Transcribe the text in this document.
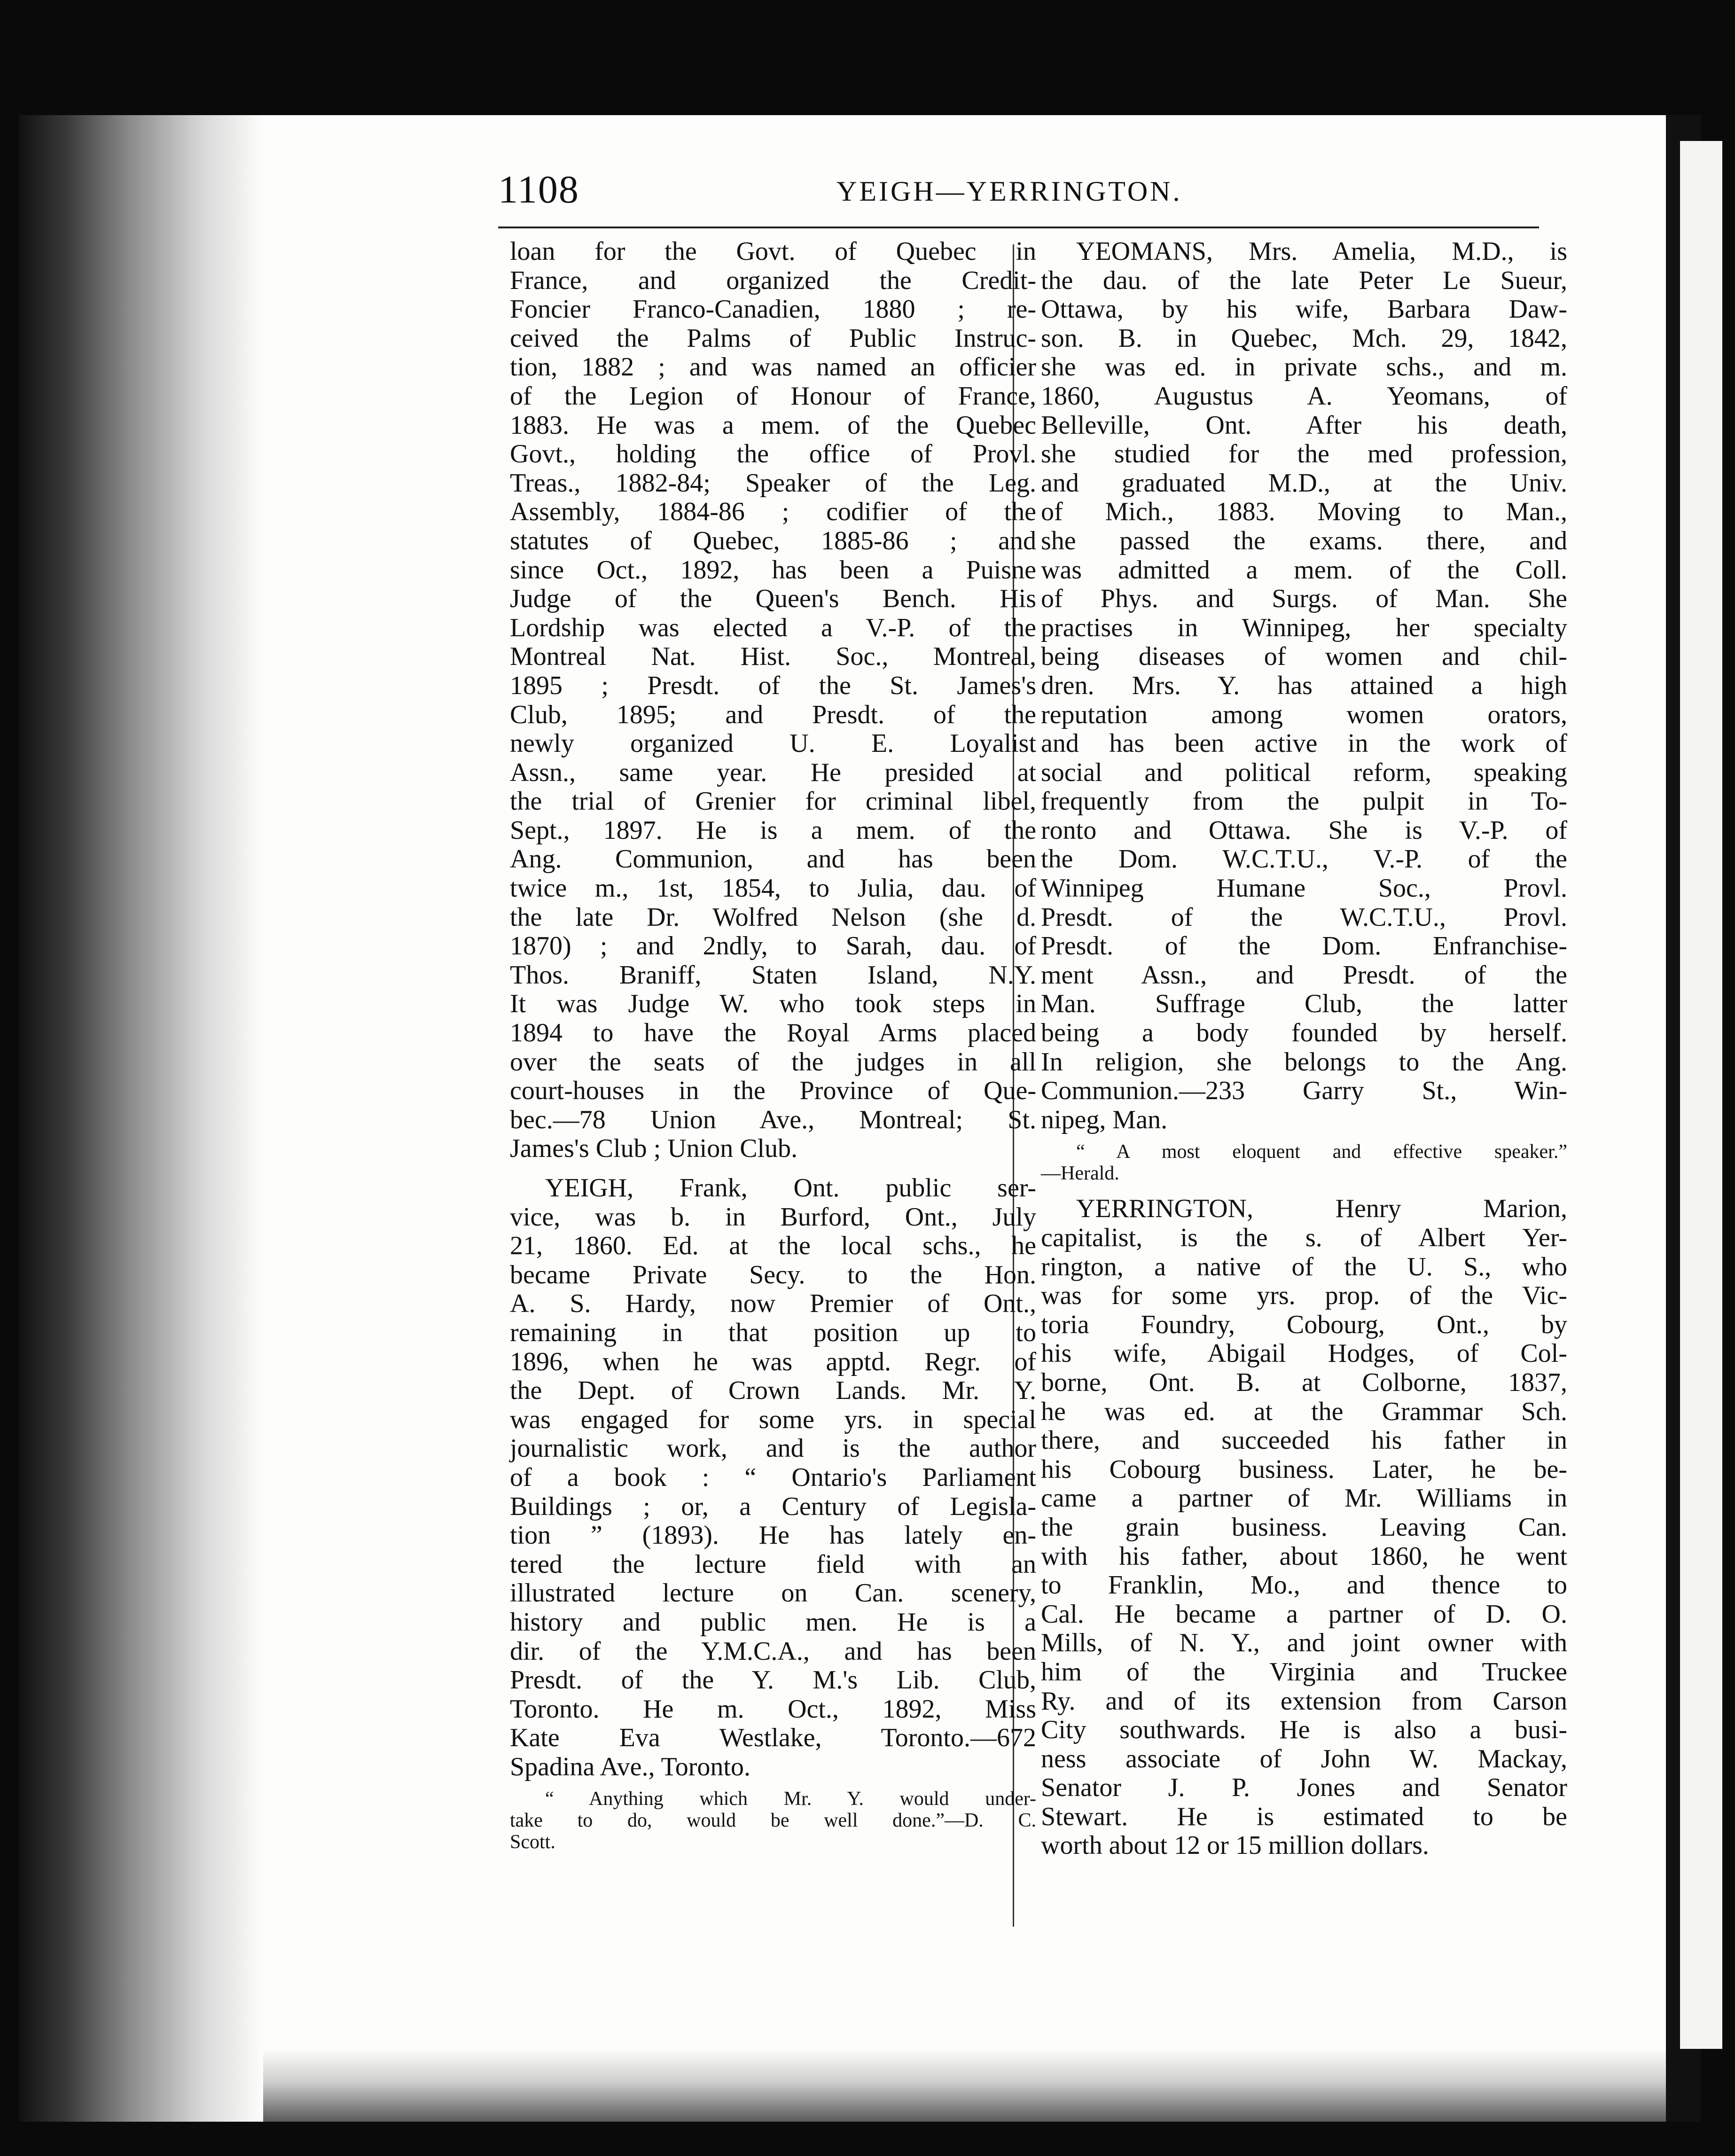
1108	YEIGH—YERRINGTON.
loan for the Govt. of Quebec in
France, and organized the Credit-
Foncier Franco-Canadien, 1880 ; re-
ceived the Palms of Public Instruc-
tion, 1882 ; and was named an officier
of the Legion of Honour of France,
1883. He was a mem. of the Quebec
Govt., holding the office of Provl.
Treas., 1882-84; Speaker of the Leg.
Assembly, 1884-86 ; codifier of the
statutes of Quebec, 1885-86 ; and
since Oct., 1892, has been a Puisne
Judge of the Queen's Bench. His
Lordship was elected a V.-P. of the
Montreal Nat. Hist. Soc., Montreal,
1895 ; Presdt. of the St. James's
Club, 1895; and Presdt. of the
newly organized U. E. Loyalist
Assn., same year. He presided at
the trial of Grenier for criminal libel,
Sept., 1897. He is a mem. of the
Ang. Communion, and has been
twice m., 1st, 1854, to Julia, dau. of
the late Dr. Wolfred Nelson (she d.
1870) ; and 2ndly, to Sarah, dau. of
Thos. Braniff, Staten Island, N.Y.
It was Judge W. who took steps in
1894 to have the Royal Arms placed
over the seats of the judges in all
court-houses in the Province of Que-
bec.—78 Union Ave., Montreal; St.
James's Club ; Union Club.
YEIGH, Frank, Ont. public ser-
vice, was b. in Burford, Ont., July
21, 1860. Ed. at the local schs., he
became Private Secy. to the Hon.
A. S. Hardy, now Premier of Ont.,
remaining in that position up to
1896, when he was apptd. Regr. of
the Dept. of Crown Lands. Mr. Y.
was engaged for some yrs. in special
journalistic work, and is the author
of a book : “ Ontario's Parliament
Buildings ; or, a Century of Legisla-
tion ” (1893). He has lately en-
tered the lecture field with an
illustrated lecture on Can. scenery,
history and public men. He is a
dir. of the Y.M.C.A., and has been
Presdt. of the Y. M.'s Lib. Club,
Toronto. He m. Oct., 1892, Miss
Kate Eva Westlake, Toronto.—672
Spadina Ave., Toronto.
“ Anything which Mr. Y. would under-
take to do, would be well done.”—D. C.
Scott.
YEOMANS, Mrs. Amelia, M.D., is
the dau. of the late Peter Le Sueur,
Ottawa, by his wife, Barbara Daw-
son. B. in Quebec, Mch. 29, 1842,
she was ed. in private schs., and m.
1860, Augustus A. Yeomans, of
Belleville, Ont. After his death,
she studied for the med profession,
and graduated M.D., at the Univ.
of Mich., 1883. Moving to Man.,
she passed the exams. there, and
was admitted a mem. of the Coll.
of Phys. and Surgs. of Man. She
practises in Winnipeg, her specialty
being diseases of women and chil-
dren. Mrs. Y. has attained a high
reputation among women orators,
and has been active in the work of
social and political reform, speaking
frequently from the pulpit in To-
ronto and Ottawa. She is V.-P. of
the Dom. W.C.T.U., V.-P. of the
Winnipeg Humane Soc., Provl.
Presdt. of the W.C.T.U., Provl.
Presdt. of the Dom. Enfranchise-
ment Assn., and Presdt. of the
Man. Suffrage Club, the latter
being a body founded by herself.
In religion, she belongs to the Ang.
Communion.—233 Garry St., Win-
nipeg, Man.
“ A most eloquent and effective speaker.”
—Herald.
YERRINGTON, Henry Marion,
capitalist, is the s. of Albert Yer-
rington, a native of the U. S., who
was for some yrs. prop. of the Vic-
toria Foundry, Cobourg, Ont., by
his wife, Abigail Hodges, of Col-
borne, Ont. B. at Colborne, 1837,
he was ed. at the Grammar Sch.
there, and succeeded his father in
his Cobourg business. Later, he be-
came a partner of Mr. Williams in
the grain business. Leaving Can.
with his father, about 1860, he went
to Franklin, Mo., and thence to
Cal. He became a partner of D. O.
Mills, of N. Y., and joint owner with
him of the Virginia and Truckee
Ry. and of its extension from Carson
City southwards. He is also a busi-
ness associate of John W. Mackay,
Senator J. P. Jones and Senator
Stewart. He is estimated to be
worth about 12 or 15 million dollars.
